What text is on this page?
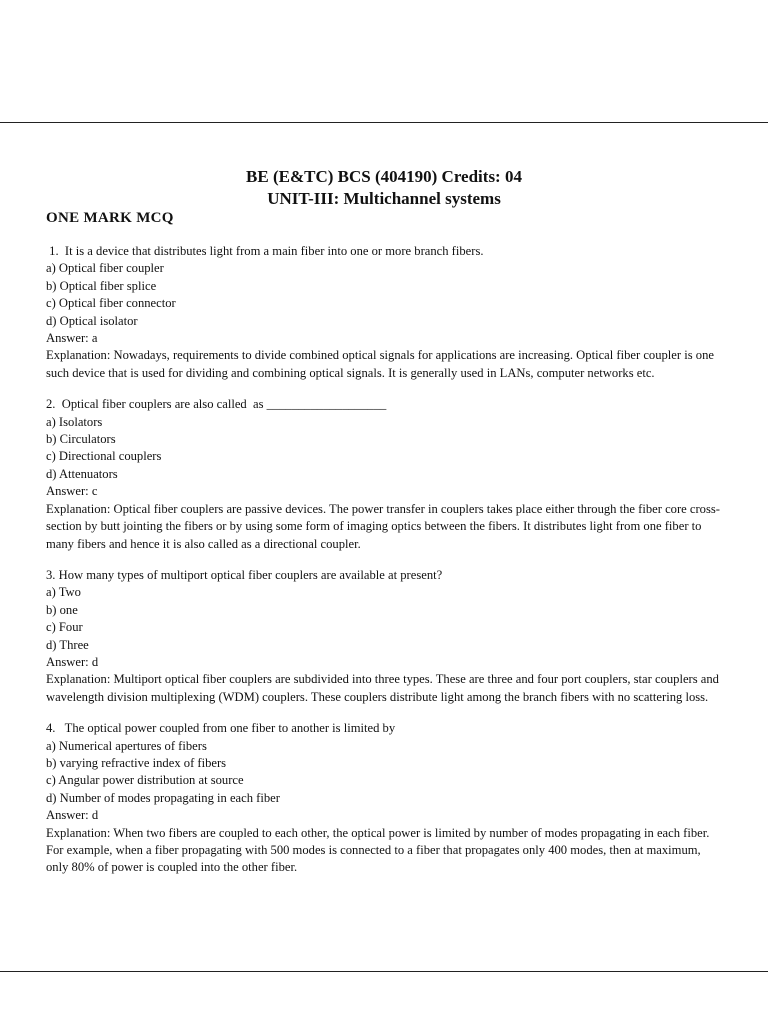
BE (E&TC) BCS (404190) Credits: 04
UNIT-III: Multichannel systems
ONE MARK MCQ
1.  It is a device that distributes light from a main fiber into one or more branch fibers.
a) Optical fiber coupler
b) Optical fiber splice
c) Optical fiber connector
d) Optical isolator
Answer: a
Explanation: Nowadays, requirements to divide combined optical signals for applications are increasing. Optical fiber coupler is one such device that is used for dividing and combining optical signals. It is generally used in LANs, computer networks etc.
2.  Optical fiber couplers are also called  as ___________________
a) Isolators
b) Circulators
c) Directional couplers
d) Attenuators
Answer: c
Explanation: Optical fiber couplers are passive devices. The power transfer in couplers takes place either through the fiber core cross-section by butt jointing the fibers or by using some form of imaging optics between the fibers. It distributes light from one fiber to many fibers and hence it is also called as a directional coupler.
3. How many types of multiport optical fiber couplers are available at present?
a) Two
b) one
c) Four
d) Three
Answer: d
Explanation: Multiport optical fiber couplers are subdivided into three types. These are three and four port couplers, star couplers and wavelength division multiplexing (WDM) couplers. These couplers distribute light among the branch fibers with no scattering loss.
4.   The optical power coupled from one fiber to another is limited by
a) Numerical apertures of fibers
b) varying refractive index of fibers
c) Angular power distribution at source
d) Number of modes propagating in each fiber
Answer: d
Explanation: When two fibers are coupled to each other, the optical power is limited by number of modes propagating in each fiber. For example, when a fiber propagating with 500 modes is connected to a fiber that propagates only 400 modes, then at maximum, only 80% of power is coupled into the other fiber.
